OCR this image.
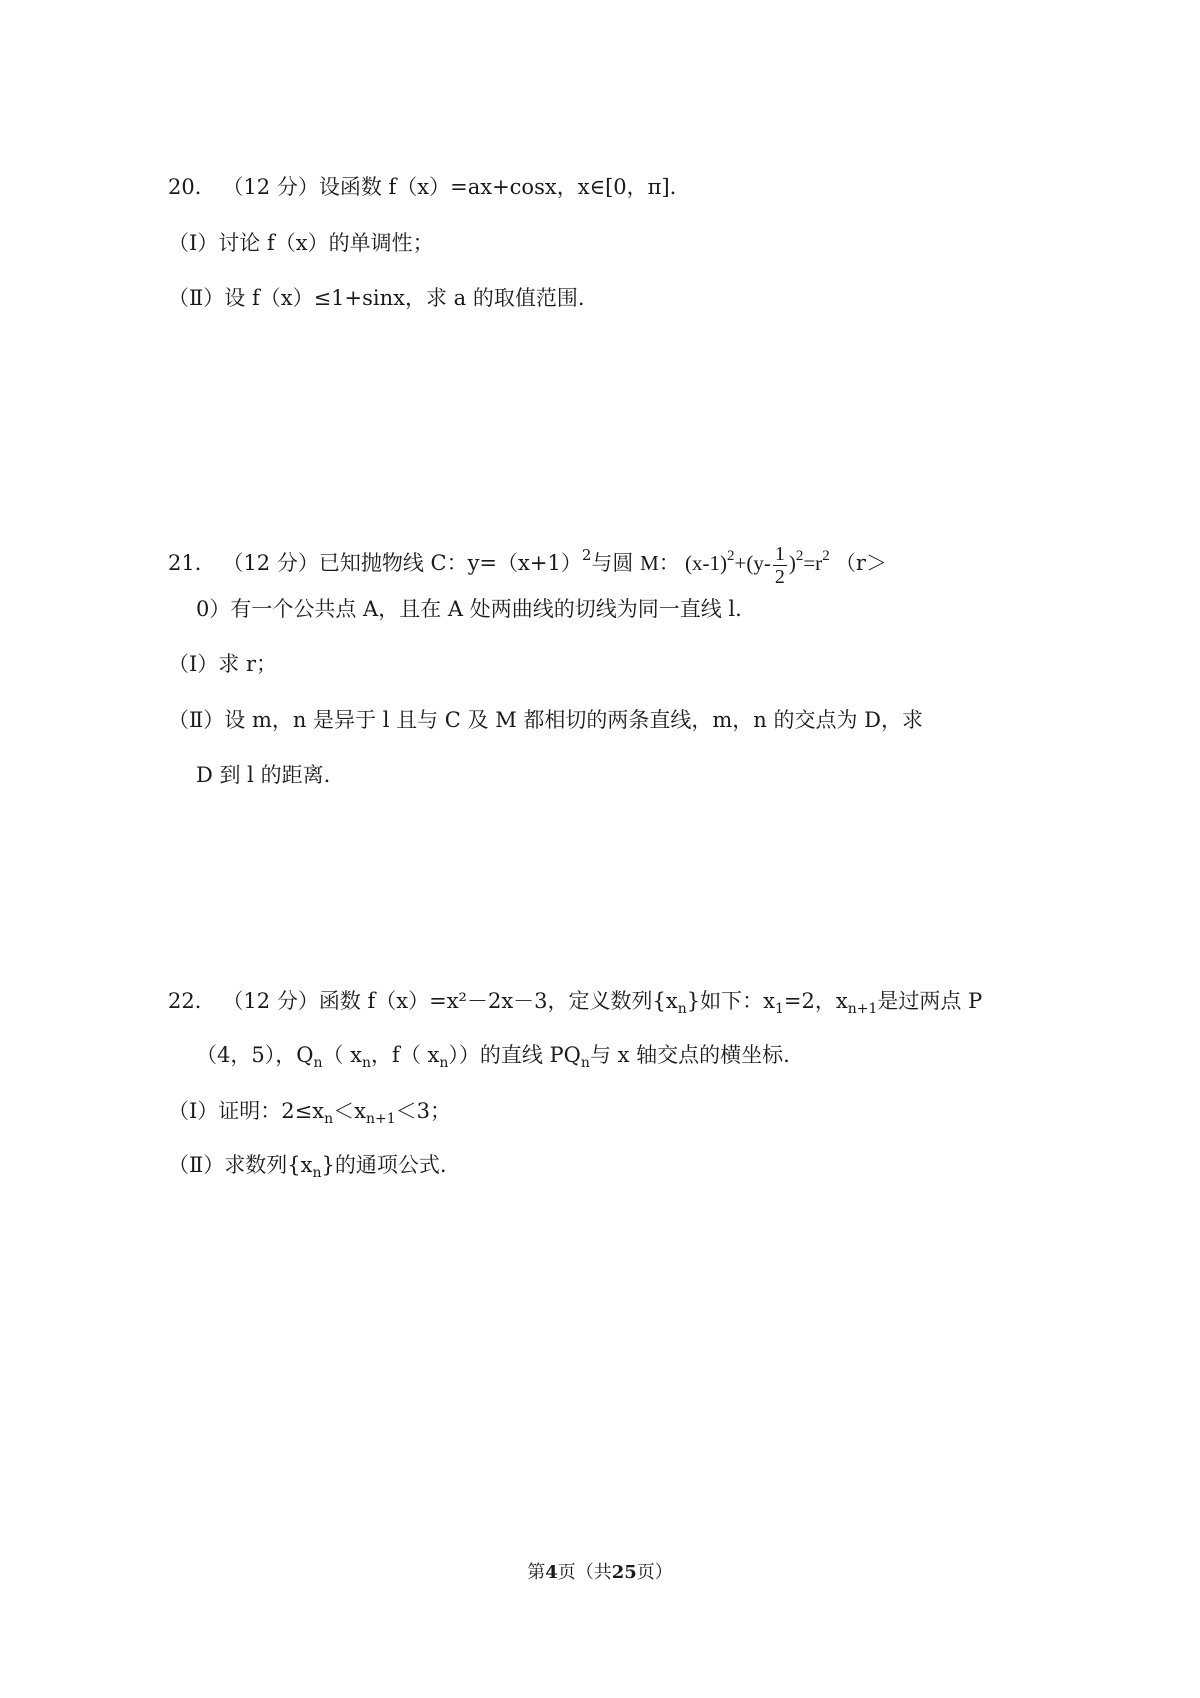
20． （12 分）设函数 f（x）=ax+cosx，x∈[0，π].
（Ⅰ）讨论 f（x）的单调性；
（Ⅱ）设 f（x）≤1+sinx，求 a 的取值范围.
21． （12 分）已知抛物线 C：$y=(x+1)^2$与圆 M： $(x-1)^2+(y- \frac{1}{2} )^2=r^2$ （r＞
0）有一个公共点 A，且在 A 处两曲线的切线为同一直线 l.
（Ⅰ）求 r；
（Ⅱ）设 m，n 是异于 l 且与 C 及 M 都相切的两条直线，m，n 的交点为 D，求
D 到 l 的距离.
22． （12 分）函数 f（x）=x²－2x－3，定义数列$\{x_n\}$如下：$x_1=2$，$x_{n+1}$是过两点 P
（4，5），$Q_n$（ $x_n$，f（ $x_n$））的直线 $PQ_n$与 x 轴交点的横坐标.
（Ⅰ）证明：$2\le x_n<x_{n+1}<3$；
（Ⅱ）求数列$\{x_n\}$的通项公式.
第4页（共25页）
